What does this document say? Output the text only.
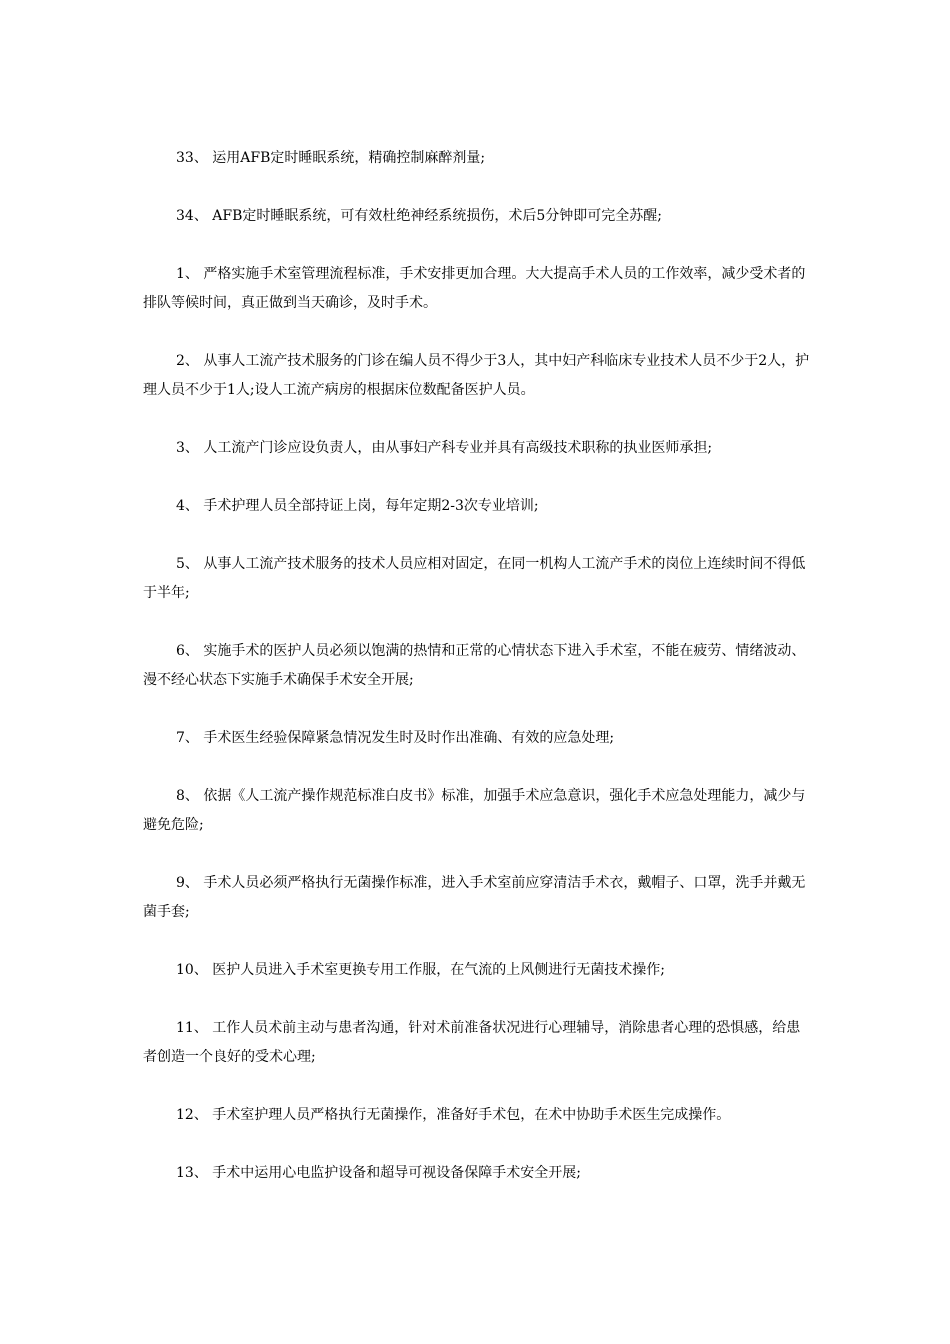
33、 运用AFB定时睡眠系统，精确控制麻醉剂量;

34、 AFB定时睡眠系统，可有效杜绝神经系统损伤，术后5分钟即可完全苏醒;

1、 严格实施手术室管理流程标准，手术安排更加合理。大大提高手术人员的工作效率，减少受术者的排队等候时间，真正做到当天确诊，及时手术。

2、 从事人工流产技术服务的门诊在编人员不得少于3人，其中妇产科临床专业技术人员不少于2人，护理人员不少于1人;设人工流产病房的根据床位数配备医护人员。

3、 人工流产门诊应设负责人，由从事妇产科专业并具有高级技术职称的执业医师承担;

4、 手术护理人员全部持证上岗，每年定期2-3次专业培训;

5、 从事人工流产技术服务的技术人员应相对固定，在同一机构人工流产手术的岗位上连续时间不得低于半年;

6、 实施手术的医护人员必须以饱满的热情和正常的心情状态下进入手术室，不能在疲劳、情绪波动、漫不经心状态下实施手术确保手术安全开展;

7、 手术医生经验保障紧急情况发生时及时作出准确、有效的应急处理;

8、 依据《人工流产操作规范标准白皮书》标准，加强手术应急意识，强化手术应急处理能力，减少与避免危险;

9、 手术人员必须严格执行无菌操作标准，进入手术室前应穿清洁手术衣，戴帽子、口罩，洗手并戴无菌手套;

10、 医护人员进入手术室更换专用工作服，在气流的上风侧进行无菌技术操作;

11、 工作人员术前主动与患者沟通，针对术前准备状况进行心理辅导，消除患者心理的恐惧感，给患者创造一个良好的受术心理;

12、 手术室护理人员严格执行无菌操作，准备好手术包，在术中协助手术医生完成操作。

13、 手术中运用心电监护设备和超导可视设备保障手术安全开展;
